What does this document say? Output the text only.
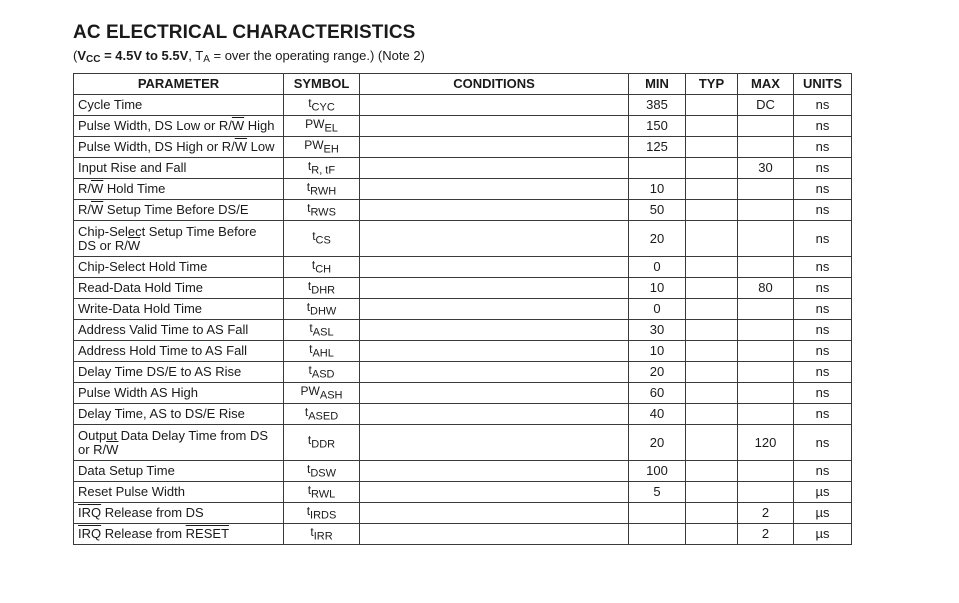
AC ELECTRICAL CHARACTERISTICS
($V_{CC} = 4.5V$ to 5.5V, $T_A$ = over the operating range.) (Note 2)
PARAMETER	SYMBOL	CONDITIONS	MIN	TYP	MAX	UNITS
Cycle Time	$t_{CYC}$		385		DC	ns
Pulse Width, DS Low or $R/\overline{W}$ High	$PW_{EL}$		150			ns
Pulse Width, DS High or $R/\overline{W}$ Low	$PW_{EH}$		125			ns
Input Rise and Fall	$t_{R, tF}$				30	ns
$R/\overline{W}$ Hold Time	$t_{RWH}$		10			ns
$R/\overline{W}$ Setup Time Before DS/E	$t_{RWS}$		50			ns
Chip-Select Setup Time Before
DS or $R/\overline{W}$	$t_{CS}$		20			ns
Chip-Select Hold Time	$t_{CH}$		0			ns
Read-Data Hold Time	$t_{DHR}$		10		80	ns
Write-Data Hold Time	$t_{DHW}$		0			ns
Address Valid Time to AS Fall	$t_{ASL}$		30			ns
Address Hold Time to AS Fall	$t_{AHL}$		10			ns
Delay Time DS/E to AS Rise	$t_{ASD}$		20			ns
Pulse Width AS High	$PW_{ASH}$		60			ns
Delay Time, AS to DS/E Rise	$t_{ASED}$		40			ns
Output Data Delay Time from DS
or $R/\overline{W}$	$t_{DDR}$		20		120	ns
Data Setup Time	$t_{DSW}$		100			ns
Reset Pulse Width	$t_{RWL}$		5			µs
$\overline{IRQ}$ Release from DS	$t_{IRDS}$				2	µs
$\overline{IRQ}$ Release from RESET	$t_{IRR}$				2	µs
